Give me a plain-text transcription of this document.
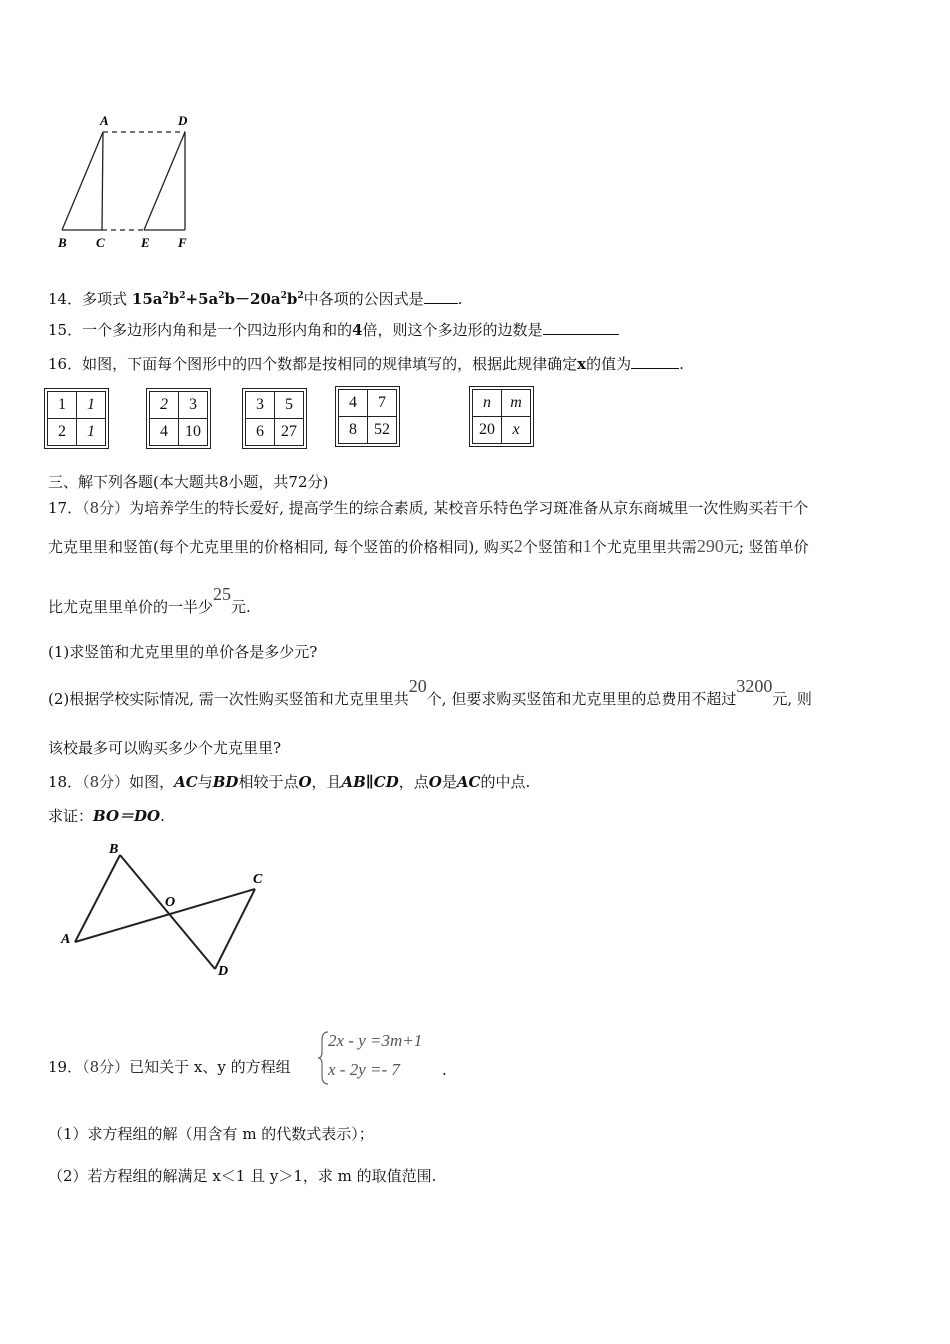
A	D
B C	E F
14．多项式 $15a^2b^2+5a^2b-20a^2b^2$中各项的公因式是 .
15．一个多边形内角和是一个四边形内角和的4倍，则这个多边形的边数是
16．如图，下面每个图形中的四个数都是按相同的规律填写的，根据此规律确定x的值为	.
1	1
2	1
2	3
4	10
3	5
6	27
4	7
8	52
n	m
20	x
三、解下列各题(本大题共8小题，共72分)
17．（8分）为培养学生的特长爱好, 提高学生的综合素质, 某校音乐特色学习斑准备从京东商城里一次性购买若干个
尤克里里和竖笛(每个尤克里里的价格相同, 每个竖笛的价格相同), 购买2个竖笛和1个尤克里里共需290元; 竖笛单价
比尤克里里单价的一半少25元.
(1)求竖笛和尤克里里的单价各是多少元?
(2)根据学校实际情况, 需一次性购买竖笛和尤克里里共20个, 但要求购买竖笛和尤克里里的总费用不超过3200元, 则
该校最多可以购买多少个尤克里里?
18．（8分）如图，AC与BD相较于点O，且AB∥CD，点O是AC的中点.
求证：BO＝DO.
B
A
O
C
D
19．（8分）已知关于 x、y 的方程组
2x - y =3m+1
x - 2y =- 7	.
（1）求方程组的解（用含有 m 的代数式表示）；
（2）若方程组的解满足 x＜1 且 y＞1，求 m 的取值范围.
